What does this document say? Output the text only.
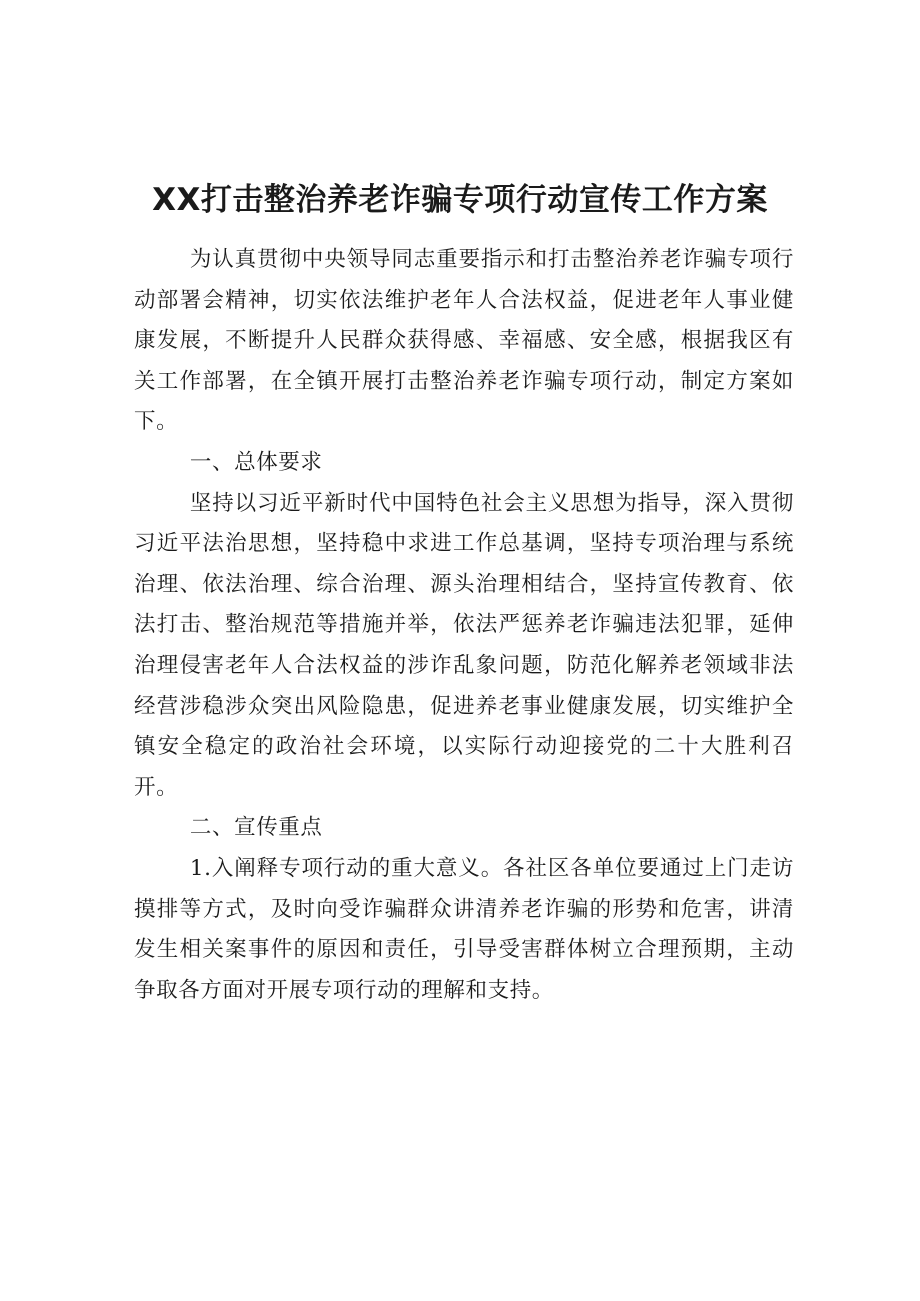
XX打击整治养老诈骗专项行动宣传工作方案

为认真贯彻中央领导同志重要指示和打击整治养老诈骗专项行动部署会精神，切实依法维护老年人合法权益，促进老年人事业健康发展，不断提升人民群众获得感、幸福感、安全感，根据我区有关工作部署，在全镇开展打击整治养老诈骗专项行动，制定方案如下。

一、总体要求

坚持以习近平新时代中国特色社会主义思想为指导，深入贯彻习近平法治思想，坚持稳中求进工作总基调，坚持专项治理与系统治理、依法治理、综合治理、源头治理相结合，坚持宣传教育、依法打击、整治规范等措施并举，依法严惩养老诈骗违法犯罪，延伸治理侵害老年人合法权益的涉诈乱象问题，防范化解养老领域非法经营涉稳涉众突出风险隐患，促进养老事业健康发展，切实维护全镇安全稳定的政治社会环境，以实际行动迎接党的二十大胜利召开。

二、宣传重点

1.入阐释专项行动的重大意义。各社区各单位要通过上门走访摸排等方式，及时向受诈骗群众讲清养老诈骗的形势和危害，讲清发生相关案事件的原因和责任，引导受害群体树立合理预期，主动争取各方面对开展专项行动的理解和支持。
